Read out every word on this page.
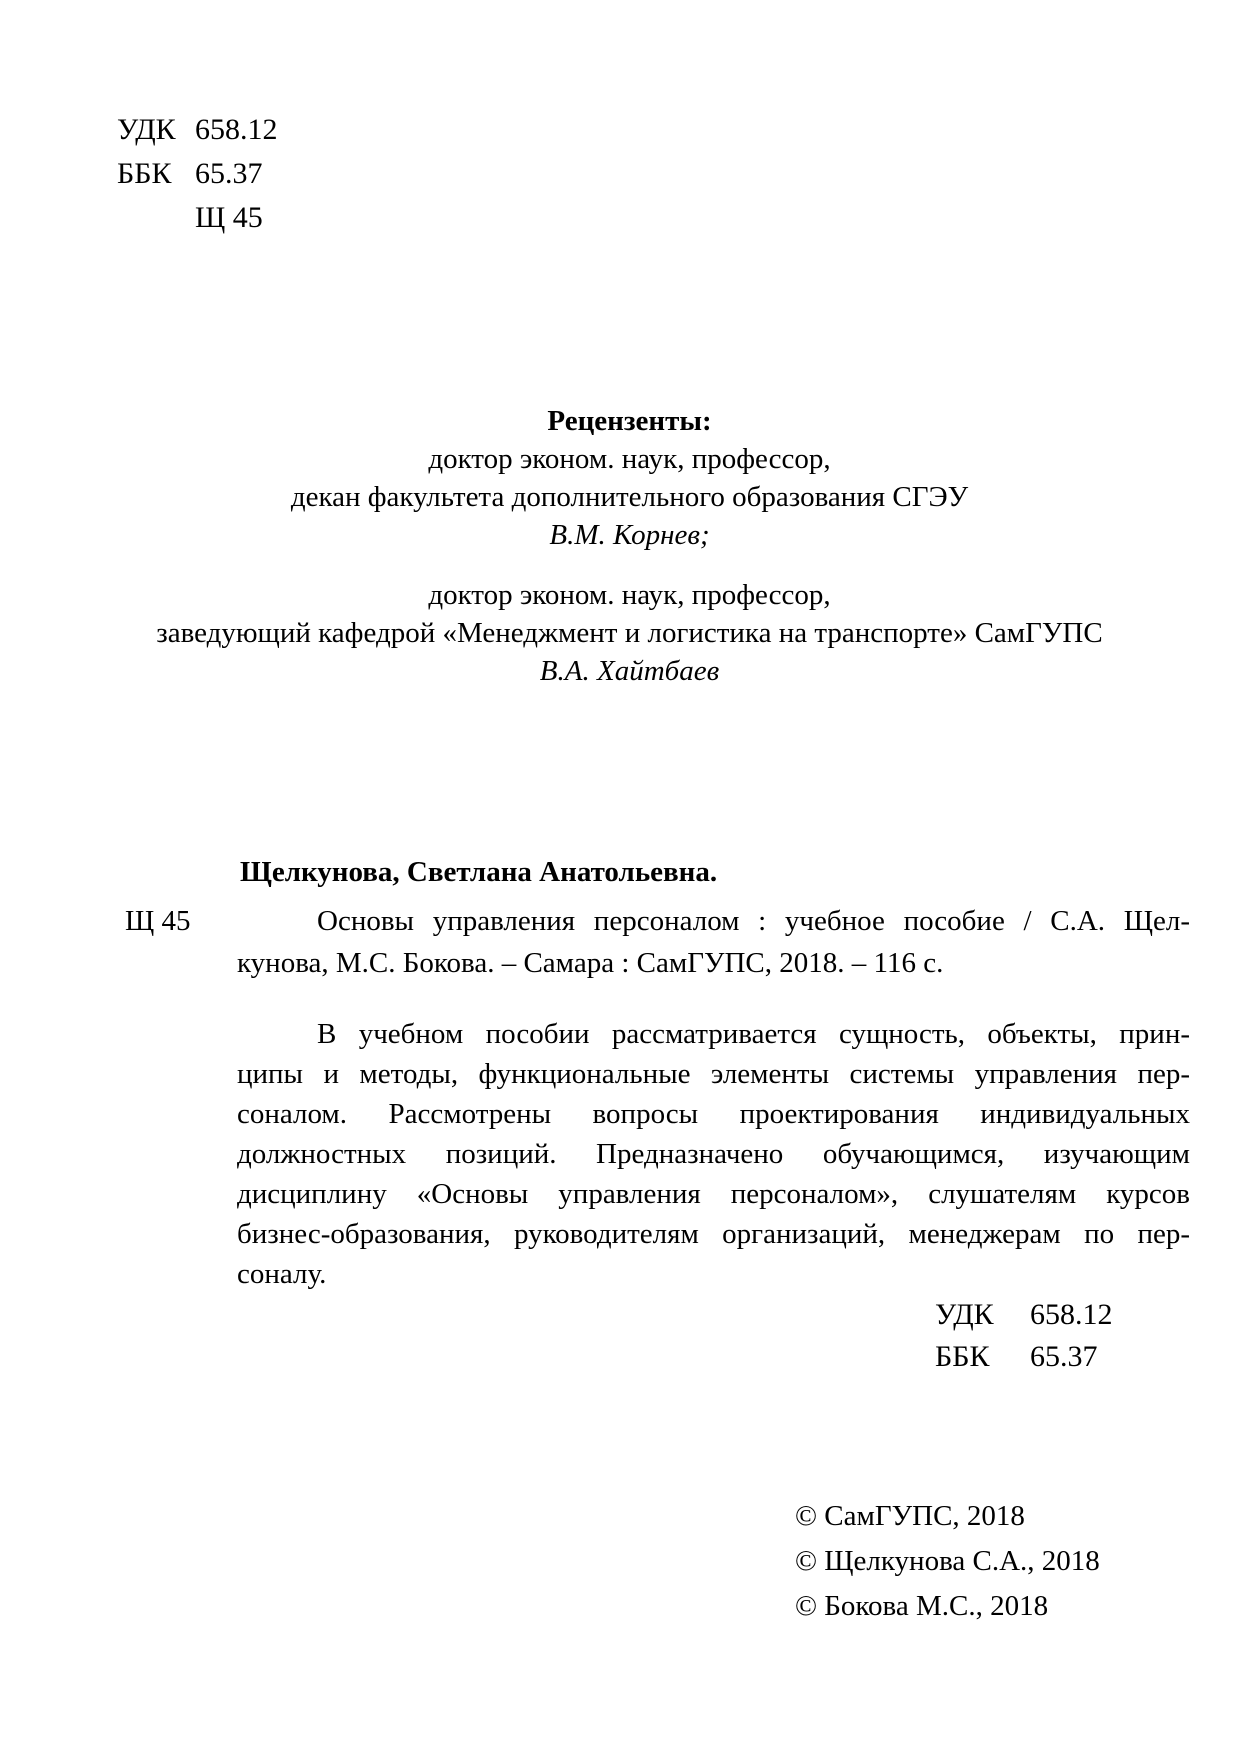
УДК 658.12
ББК 65.37
Щ 45
Рецензенты:
доктор эконом. наук, профессор,
декан факультета дополнительного образования СГЭУ
В.М. Корнев;
доктор эконом. наук, профессор,
заведующий кафедрой «Менеджмент и логистика на транспорте» СамГУПС
В.А. Хайтбаев
Щелкунова, Светлана Анатольевна.
Щ 45	Основы управления персоналом : учебное пособие / С.А. Щел-
кунова, М.С. Бокова. – Самара : СамГУПС, 2018. – 116 с.
В учебном пособии рассматривается сущность, объекты, прин-
ципы и методы, функциональные элементы системы управления пер-
соналом. Рассмотрены вопросы проектирования индивидуальных
должностных позиций. Предназначено обучающимся, изучающим
дисциплину «Основы управления персоналом», слушателям курсов
бизнес-образования, руководителям организаций, менеджерам по пер-
соналу.
УДК	658.12
ББК	65.37
© СамГУПС, 2018
© Щелкунова С.А., 2018
© Бокова М.С., 2018
